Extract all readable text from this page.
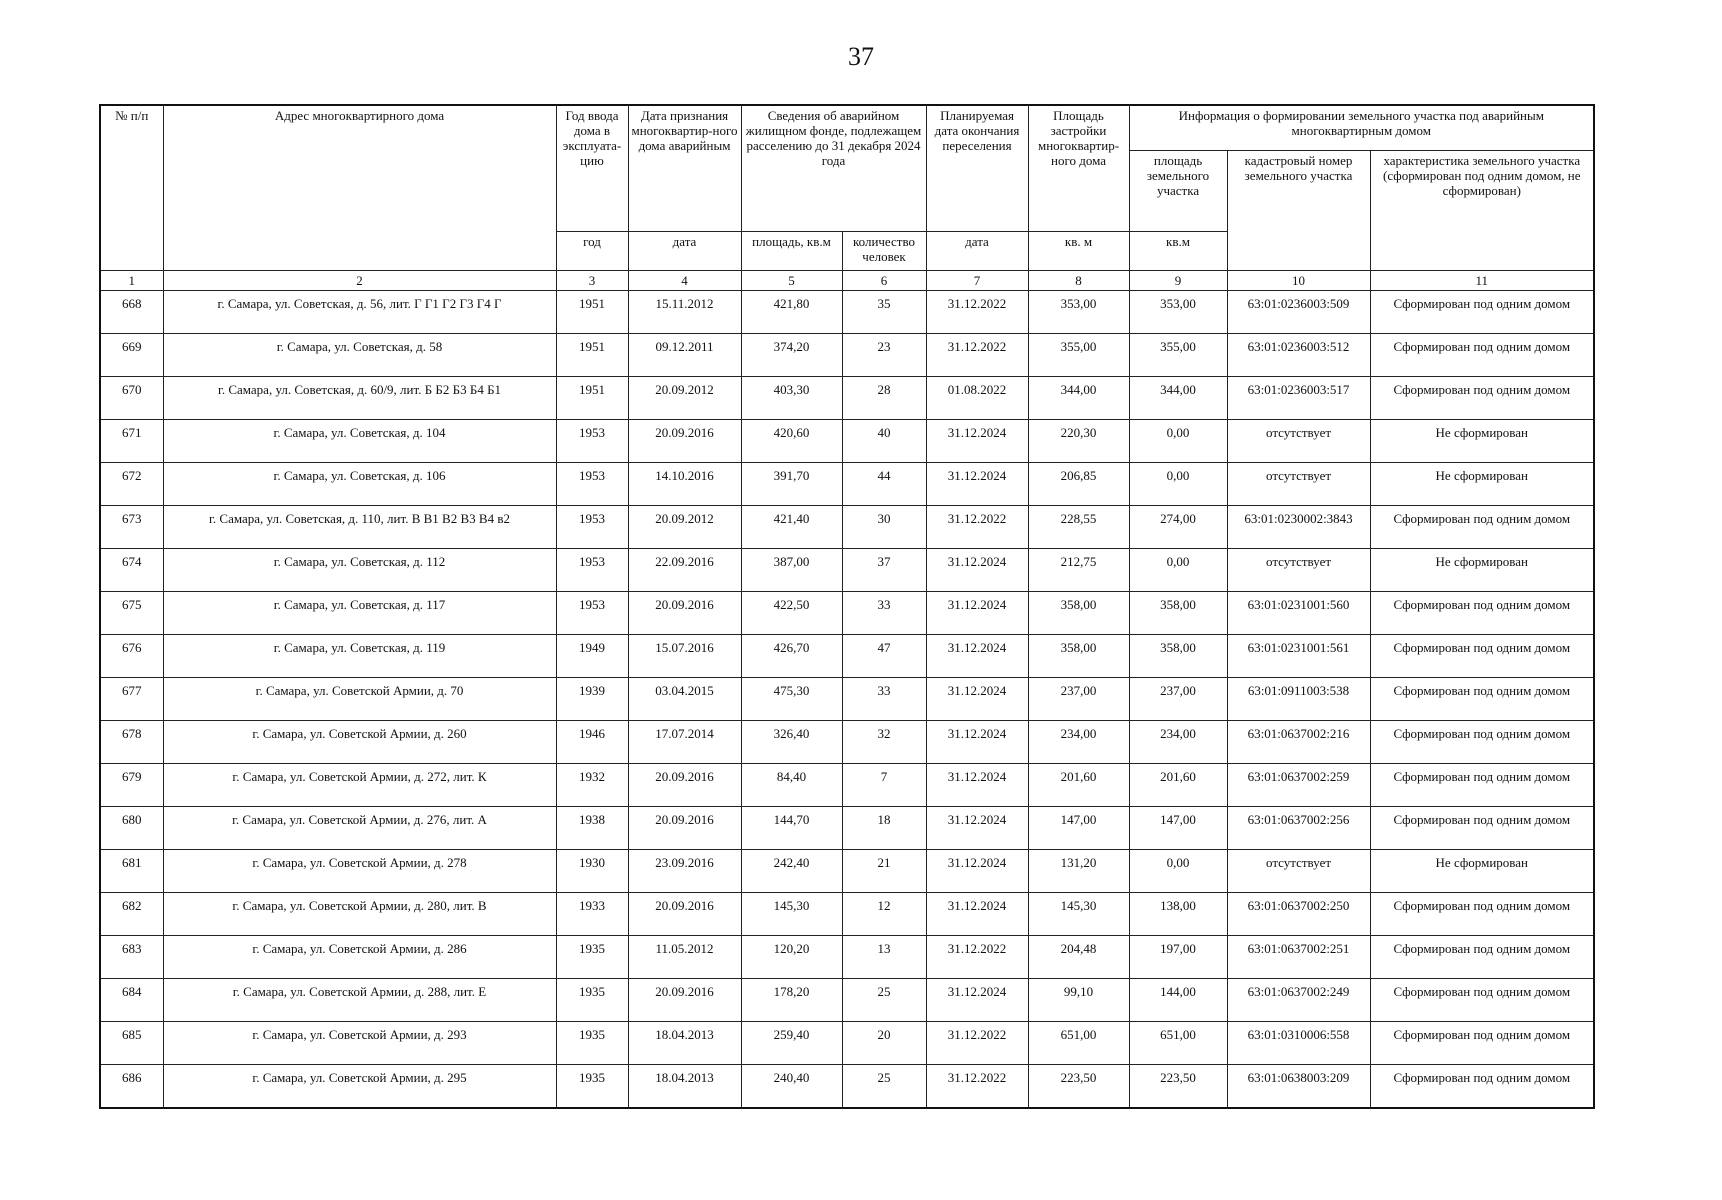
37
№ п/п	Адрес многоквартирного дома	Год ввода дома в эксплуата-цию	Дата признания многоквартир-ного дома аварийным	Сведения об аварийном жилищном фонде, подлежащем расселению до 31 декабря 2024 года		Планируемая дата окончания переселения	Площадь застройки многоквартир-ного дома	Информация о формировании земельного участка под аварийным многоквартирным домом		
								площадь земельного участка	кадастровый номер земельного участка	характеристика земельного участка (сформирован под одним домом, не сформирован)
		год	дата	площадь, кв.м	количество человек	дата	кв. м	кв.м		
1	2	3	4	5	6	7	8	9	10	11
668	г. Самара, ул. Советская, д. 56, лит. Г Г1 Г2 Г3 Г4 Г	1951	15.11.2012	421,80	35	31.12.2022	353,00	353,00	63:01:0236003:509	Сформирован под одним домом
669	г. Самара, ул. Советская, д. 58	1951	09.12.2011	374,20	23	31.12.2022	355,00	355,00	63:01:0236003:512	Сформирован под одним домом
670	г. Самара, ул. Советская, д. 60/9, лит. Б Б2 Б3 Б4 Б1	1951	20.09.2012	403,30	28	01.08.2022	344,00	344,00	63:01:0236003:517	Сформирован под одним домом
671	г. Самара, ул. Советская, д. 104	1953	20.09.2016	420,60	40	31.12.2024	220,30	0,00	отсутствует	Не сформирован
672	г. Самара, ул. Советская, д. 106	1953	14.10.2016	391,70	44	31.12.2024	206,85	0,00	отсутствует	Не сформирован
673	г. Самара, ул. Советская, д. 110, лит. В В1 В2 В3 В4 в2	1953	20.09.2012	421,40	30	31.12.2022	228,55	274,00	63:01:0230002:3843	Сформирован под одним домом
674	г. Самара, ул. Советская, д. 112	1953	22.09.2016	387,00	37	31.12.2024	212,75	0,00	отсутствует	Не сформирован
675	г. Самара, ул. Советская, д. 117	1953	20.09.2016	422,50	33	31.12.2024	358,00	358,00	63:01:0231001:560	Сформирован под одним домом
676	г. Самара, ул. Советская, д. 119	1949	15.07.2016	426,70	47	31.12.2024	358,00	358,00	63:01:0231001:561	Сформирован под одним домом
677	г. Самара, ул. Советской Армии, д. 70	1939	03.04.2015	475,30	33	31.12.2024	237,00	237,00	63:01:0911003:538	Сформирован под одним домом
678	г. Самара, ул. Советской Армии, д. 260	1946	17.07.2014	326,40	32	31.12.2024	234,00	234,00	63:01:0637002:216	Сформирован под одним домом
679	г. Самара, ул. Советской Армии, д. 272, лит. К	1932	20.09.2016	84,40	7	31.12.2024	201,60	201,60	63:01:0637002:259	Сформирован под одним домом
680	г. Самара, ул. Советской Армии, д. 276, лит. А	1938	20.09.2016	144,70	18	31.12.2024	147,00	147,00	63:01:0637002:256	Сформирован под одним домом
681	г. Самара, ул. Советской Армии, д. 278	1930	23.09.2016	242,40	21	31.12.2024	131,20	0,00	отсутствует	Не сформирован
682	г. Самара, ул. Советской Армии, д. 280, лит. В	1933	20.09.2016	145,30	12	31.12.2024	145,30	138,00	63:01:0637002:250	Сформирован под одним домом
683	г. Самара, ул. Советской Армии, д. 286	1935	11.05.2012	120,20	13	31.12.2022	204,48	197,00	63:01:0637002:251	Сформирован под одним домом
684	г. Самара, ул. Советской Армии, д. 288, лит. Е	1935	20.09.2016	178,20	25	31.12.2024	99,10	144,00	63:01:0637002:249	Сформирован под одним домом
685	г. Самара, ул. Советской Армии, д. 293	1935	18.04.2013	259,40	20	31.12.2022	651,00	651,00	63:01:0310006:558	Сформирован под одним домом
686	г. Самара, ул. Советской Армии, д. 295	1935	18.04.2013	240,40	25	31.12.2022	223,50	223,50	63:01:0638003:209	Сформирован под одним домом
